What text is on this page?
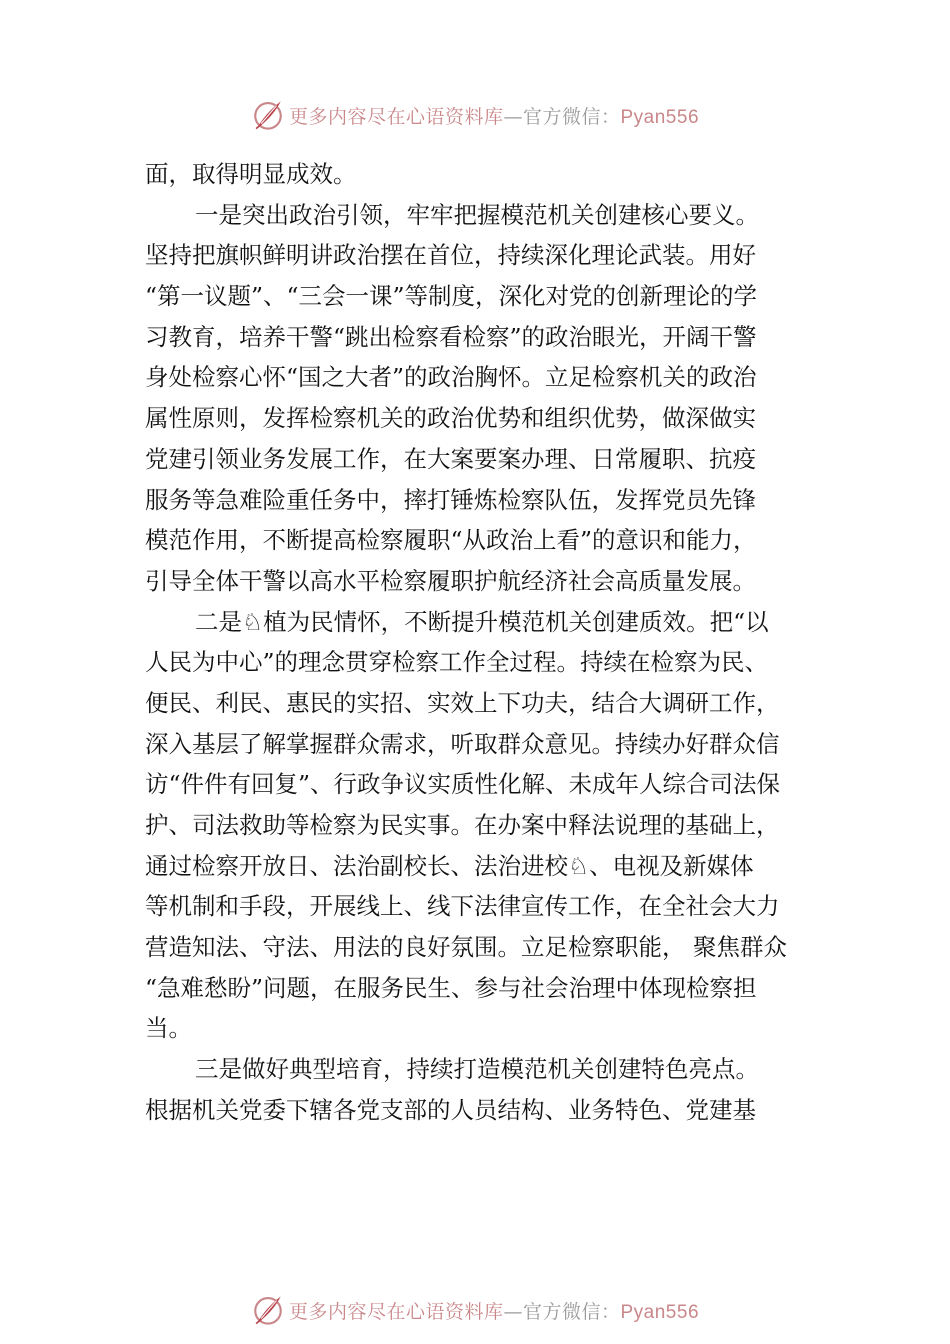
更多内容尽在心语资料库—官方微信：Pyan556
面，取得明显成效。
一是突出政治引领，牢牢把握模范机关创建核心要义。
坚持把旗帜鲜明讲政治摆在首位，持续深化理论武装。用好
“第一议题”、“三会一课”等制度，深化对党的创新理论的学
习教育，培养干警“跳出检察看检察”的政治眼光，开阔干警
身处检察心怀“国之大者”的政治胸怀。立足检察机关的政治
属性原则，发挥检察机关的政治优势和组织优势，做深做实
党建引领业务发展工作，在大案要案办理、日常履职、抗疫
服务等急难险重任务中，摔打锤炼检察队伍，发挥党员先锋
模范作用，不断提高检察履职“从政治上看”的意识和能力，
引导全体干警以高水平检察履职护航经济社会高质量发展。
二是♘植为民情怀，不断提升模范机关创建质效。把“以
人民为中心”的理念贯穿检察工作全过程。持续在检察为民、
便民、利民、惠民的实招、实效上下功夫，结合大调研工作，
深入基层了解掌握群众需求，听取群众意见。持续办好群众信
访“件件有回复”、行政争议实质性化解、未成年人综合司法保
护、司法救助等检察为民实事。在办案中释法说理的基础上，
通过检察开放日、法治副校长、法治进校♘、电视及新媒体
等机制和手段，开展线上、线下法律宣传工作，在全社会大力
营造知法、守法、用法的良好氛围。立足检察职能， 聚焦群众
“急难愁盼”问题，在服务民生、参与社会治理中体现检察担
当。
三是做好典型培育，持续打造模范机关创建特色亮点。
根据机关党委下辖各党支部的人员结构、业务特色、党建基
更多内容尽在心语资料库—官方微信：Pyan556
